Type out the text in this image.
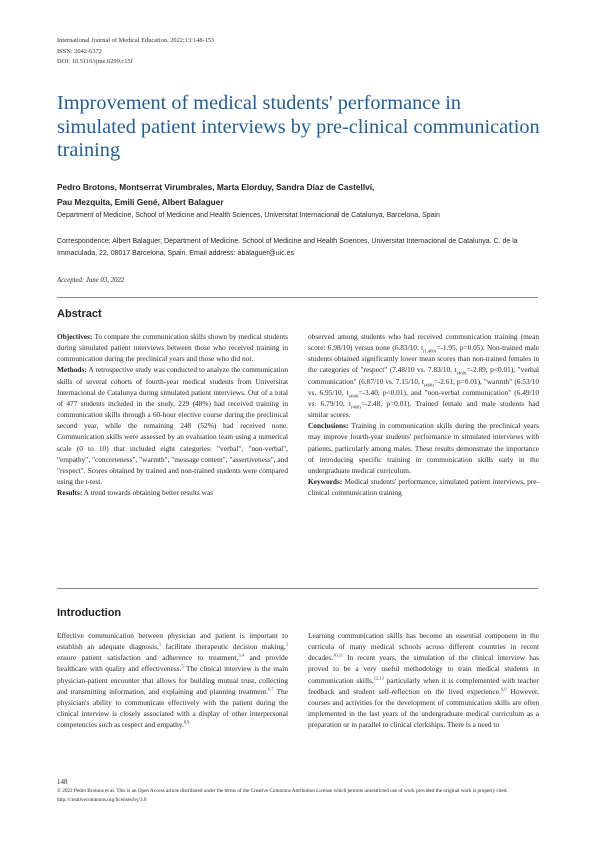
International Journal of Medical Education. 2022;13:148-153
ISSN: 2042-6372
DOI: 10.5116/ijme.6299.c15f
Improvement of medical students' performance in simulated patient interviews by pre-clinical communication training
Pedro Brotons, Montserrat Virumbrales, Marta Elorduy, Sandra Díaz de Castellví,
Pau Mezquita, Emili Gené, Albert Balaguer
Department of Medicine, School of Medicine and Health Sciences, Universitat Internacional de Catalunya, Barcelona, Spain
Correspondence: Albert Balaguer, Department of Medicine. School of Medicine and Health Sciences, Universitat Internacional de Catalunya. C. de la Immaculada, 22, 08017 Barcelona, Spain. Email address: abalaguer@uic.es
Accepted: June 03, 2022
Abstract

Objectives: To compare the communication skills shown by medical students during simulated patient interviews between those who received training in communication during the preclinical years and those who did not.

Methods: A retrospective study was conducted to analyze the communication skills of several cohorts of fourth-year medical students from Universitat Internacional de Catalunya during simulated patient interviews. Out of a total of 477 students included in the study, 229 (48%) had received training in communication skills through a 60-hour elective course during the preclinical second year, while the remaining 248 (52%) had received none. Communication skills were assessed by an evaluation team using a numerical scale (0 to 10) that included eight categories: "verbal", "non-verbal", "empathy", "concreteness", "warmth", "message content", "assertiveness", and "respect". Scores obtained by trained and non-trained students were compared using the t-test.

Results: A trend towards obtaining better results was

observed among students who had received communication training (mean score: 6.98/10) versus none (6.83/10, $t_{(1,469)}=-1.95$, p=0.05). Non-trained male students obtained significantly lower mean scores than non-trained females in the categories of "respect" (7.48/10 vs. 7.83/10, $t_{(468)}=-2.89$, p<0.01), "verbal communication" (6.87/10 vs. 7.15/10, $t_{(468)}=-2.61$, p=0.01), "warmth" (6.53/10 vs. 6.95/10, $t_{(468)}=-3.40$, p<0.01), and "non-verbal communication" (6.49/10 vs. 6.79/10, $t_{(468)}=-2.48$, p=0.01). Trained female and male students had similar scores.

Conclusions: Training in communication skills during the preclinical years may improve fourth-year students' performance in simulated interviews with patients, particularly among males. These results demonstrate the importance of introducing specific training in communication skills early in the undergraduate medical curriculum.

Keywords: Medical students' performance, simulated patient interviews, pre-clinical communication training

Introduction

Effective communication between physician and patient is important to establish an adequate diagnosis,$^1$ facilitate therapeutic decision making,$^2$ ensure patient satisfaction and adherence to treatment,$^{3,4}$ and provide healthcare with quality and effectiveness.$^5$ The clinical interview is the main physician-patient encounter that allows for building mutual trust, collecting and transmitting information, and explaining and planning treatment.$^{6,7}$ The physician's ability to communicate effectively with the patient during the clinical interview is closely associated with a display of other interpersonal competencies such as respect and empathy.$^{8,9}$

Learning communication skills has become an essential component in the curricula of many medical schools across different countries in recent decades.$^{10,11}$ In recent years, the simulation of the clinical interview has proved to be a very useful methodology to train medical students in communication skills,$^{12,13}$ particularly when it is complemented with teacher feedback and student self-reflection on the lived experience.$^{6,9}$ However, courses and activities for the development of communication skills are often implemented in the last years of the undergraduate medical curriculum as a preparation or in parallel to clinical clerkships. There is a need to

148
© 2022 Pedro Brotons et al. This is an Open Access article distributed under the terms of the Creative Commons Attribution License which permits unrestricted use of work provided the original work is properly cited. http://creativecommons.org/licenses/by/3.0
